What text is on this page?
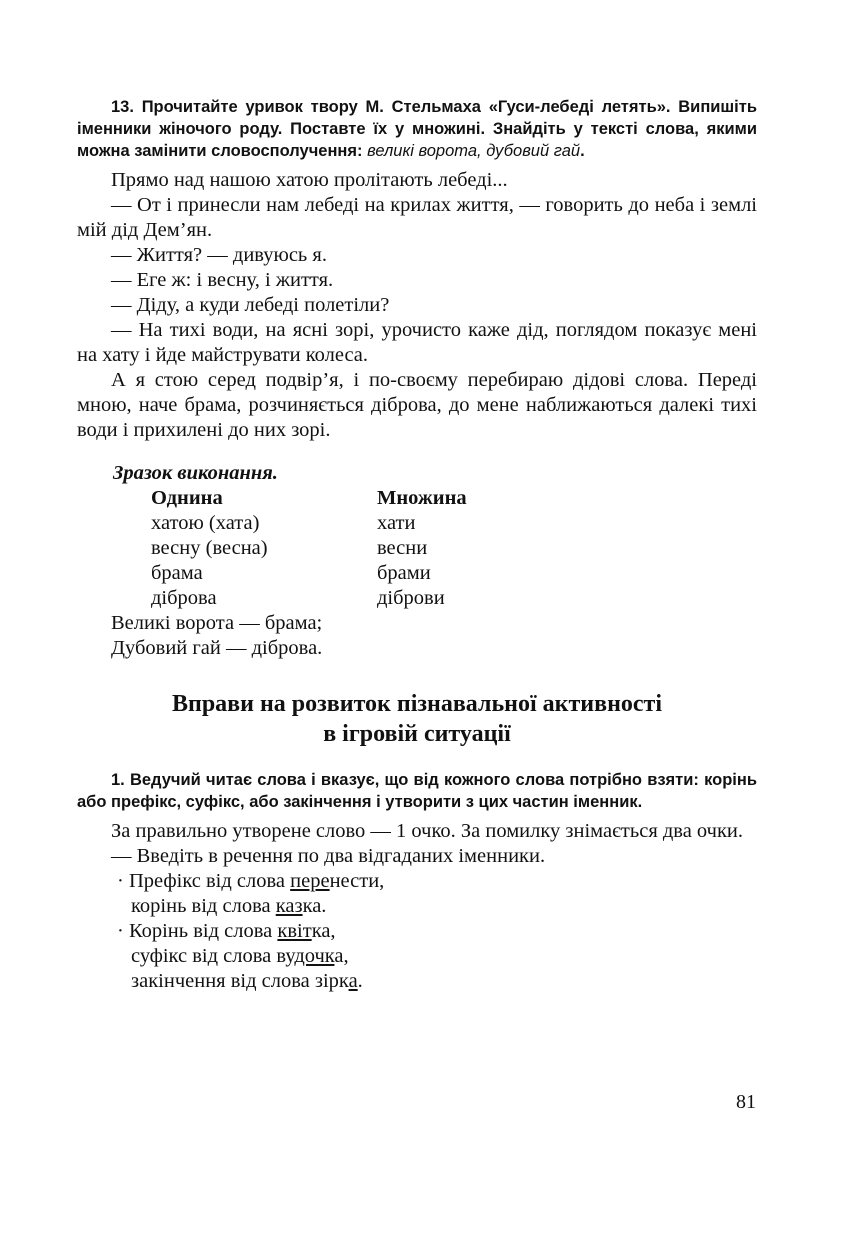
13. Прочитайте уривок твору М. Стельмаха «Гуси-лебеді летять». Випишіть іменники жіночого роду. Поставте їх у множині. Знайдіть у тексті слова, якими можна замінити словосполучення: великі ворота, дубовий гай.

Прямо над нашою хатою пролітають лебеді...

— От і принесли нам лебеді на крилах життя, — говорить до неба і землі мій дід Дем’ян.

— Життя? — дивуюсь я.

— Еге ж: і весну, і життя.

— Діду, а куди лебеді полетіли?

— На тихі води, на ясні зорі, урочисто каже дід, поглядом показує мені на хату і йде майструвати колеса.

А я стою серед подвір’я, і по-своєму перебираю дідові слова. Переді мною, наче брама, розчиняється діброва, до мене наближаються далекі тихі води і прихилені до них зорі.

Зразок виконання.
Однина	Множина
хатою (хата)	хати
весну (весна)	весни
брама	брами
діброва	діброви
Великі ворота — брама;
Дубовий гай — діброва.
Вправи на розвиток пізнавальної активності
в ігровій ситуації

1. Ведучий читає слова і вказує, що від кожного слова потрібно взяти: корінь або префікс, суфікс, або закінчення і утворити з цих частин іменник.

За правильно утворене слово — 1 очко. За помилку знімається два очки.

— Введіть в речення по два відгаданих іменники.

· Префікс від слова перенести,
корінь від слова казка.
· Корінь від слова квітка,
суфікс від слова вудочка,
закінчення від слова зірка.
81
